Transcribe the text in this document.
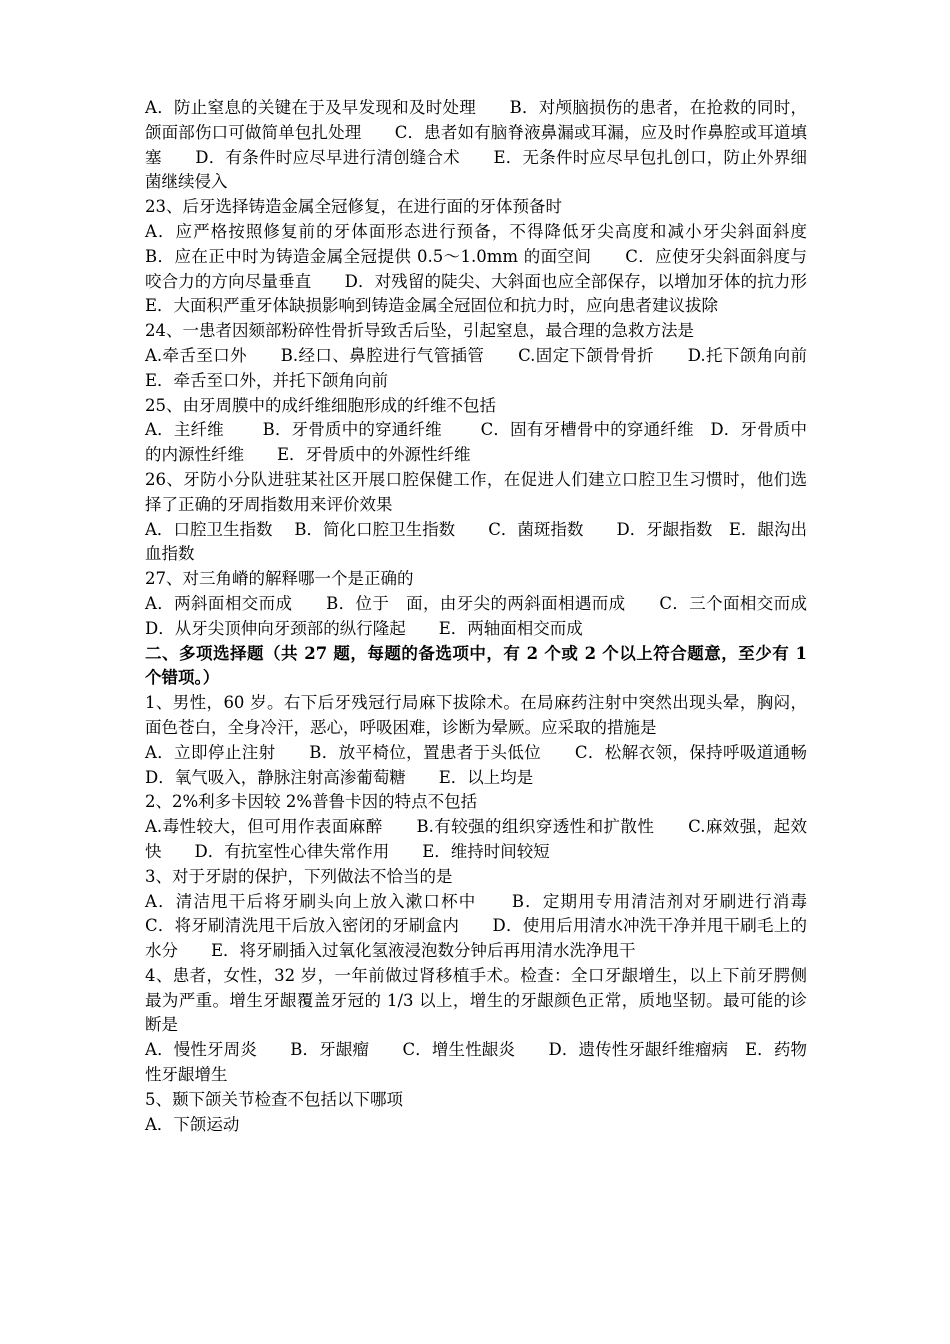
A．防止窒息的关键在于及早发现和及时处理　　B．对颅脑损伤的患者，在抢救的同时，颌面部伤口可做简单包扎处理　　C．患者如有脑脊液鼻漏或耳漏，应及时作鼻腔或耳道填塞　　D．有条件时应尽早进行清创缝合术　　E．无条件时应尽早包扎创口，防止外界细菌继续侵入

23、后牙选择铸造金属全冠修复，在进行面的牙体预备时

A．应严格按照修复前的牙体面形态进行预备，不得降低牙尖高度和减小牙尖斜面斜度　　B．应在正中时为铸造金属全冠提供 0.5～1.0mm 的面空间　　C．应使牙尖斜面斜度与咬合力的方向尽量垂直　　D．对残留的陡尖、大斜面也应全部保存，以增加牙体的抗力形　　E．大面积严重牙体缺损影响到铸造金属全冠固位和抗力时，应向患者建议拔除

24、一患者因颏部粉碎性骨折导致舌后坠，引起窒息，最合理的急救方法是

A.牵舌至口外　　B.经口、鼻腔进行气管插管　　C.固定下颌骨骨折　　D.托下颌角向前　　E．牵舌至口外，并托下颌角向前

25、由牙周膜中的成纤维细胞形成的纤维不包括

A．主纤维　　 B．牙骨质中的穿通纤维　　 C．固有牙槽骨中的穿通纤维　D．牙骨质中的内源性纤维　　E．牙骨质中的外源性纤维

26、牙防小分队进驻某社区开展口腔保健工作，在促进人们建立口腔卫生习惯时，他们选择了正确的牙周指数用来评价效果

A．口腔卫生指数　 B．简化口腔卫生指数　　C．菌斑指数　　D．牙龈指数　E．龈沟出血指数

27、对三角嵴的解释哪一个是正确的

A．两斜面相交而成　　B．位于　面，由牙尖的两斜面相遇而成　　C．三个面相交而成　　D．从牙尖顶伸向牙颈部的纵行隆起　　E．两轴面相交而成

二、多项选择题（共 27 题，每题的备选项中，有 2 个或 2 个以上符合题意，至少有 1 个错项。）

1、男性，60 岁。右下后牙残冠行局麻下拔除术。在局麻药注射中突然出现头晕，胸闷，面色苍白，全身冷汗，恶心，呼吸困难，诊断为晕厥。应采取的措施是

A．立即停止注射　　B．放平椅位，置患者于头低位　　C．松解衣领，保持呼吸道通畅　　D．氧气吸入，静脉注射高渗葡萄糖　　E．以上均是

2、2%利多卡因较 2%普鲁卡因的特点不包括

A.毒性较大，但可用作表面麻醉　　B.有较强的组织穿透性和扩散性　　C.麻效强，起效快　　D．有抗室性心律失常作用　　E．维持时间较短

3、对于牙尉的保护，下列做法不恰当的是

A．清洁甩干后将牙刷头向上放入漱口杯中　　B．定期用专用清洁剂对牙刷进行消毒　　C．将牙刷清洗甩干后放入密闭的牙刷盒内　　D．使用后用清水冲洗干净并甩干刷毛上的水分　　E．将牙刷插入过氧化氢液浸泡数分钟后再用清水洗净甩干

4、患者，女性，32 岁，一年前做过肾移植手术。检查：全口牙龈增生，以上下前牙腭侧最为严重。增生牙龈覆盖牙冠的 1/3 以上，增生的牙龈颜色正常，质地坚韧。最可能的诊断是

A．慢性牙周炎　　B．牙龈瘤　　C．增生性龈炎　　D．遗传性牙龈纤维瘤病　E．药物性牙龈增生

5、颞下颌关节检查不包括以下哪项

A．下颌运动
